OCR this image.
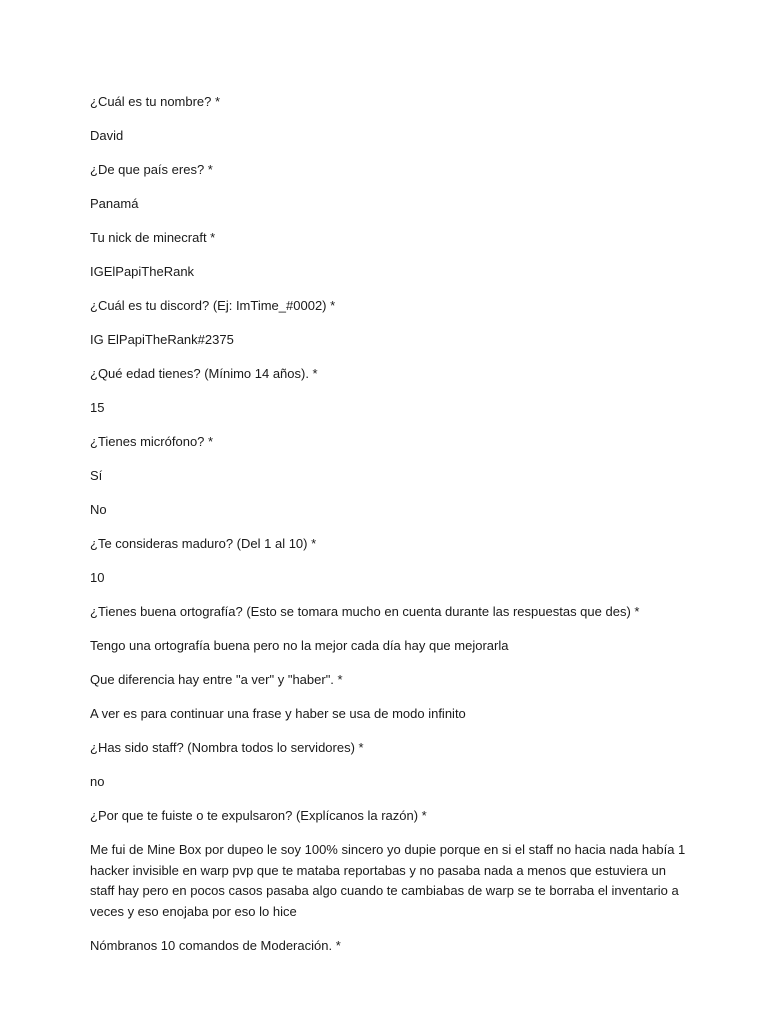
¿Cuál es tu nombre? *

David

¿De que país eres? *

Panamá

Tu nick de minecraft *

IGElPapiTheRank

¿Cuál es tu discord? (Ej: ImTime_#0002) *

IG ElPapiTheRank#2375

¿Qué edad tienes? (Mínimo 14 años). *

15

¿Tienes micrófono? *

Sí

No

¿Te consideras maduro? (Del 1 al 10) *

10

¿Tienes buena ortografía? (Esto se tomara mucho en cuenta durante las respuestas que des) *

Tengo una ortografía buena pero no la mejor cada día hay que mejorarla

Que diferencia hay entre "a ver" y "haber". *

A ver es para continuar una frase y haber se usa de modo infinito

¿Has sido staff? (Nombra todos lo servidores) *

no

¿Por que te fuiste o te expulsaron? (Explícanos la razón) *

Me fui de Mine Box por dupeo le soy 100% sincero yo dupie porque en si el staff no hacia nada había 1 hacker invisible en warp pvp que te mataba reportabas y no pasaba nada a menos que estuviera un staff hay pero en pocos casos pasaba algo cuando te cambiabas de warp se te borraba el inventario a veces y eso enojaba por eso lo hice

Nómbranos 10 comandos de Moderación. *
